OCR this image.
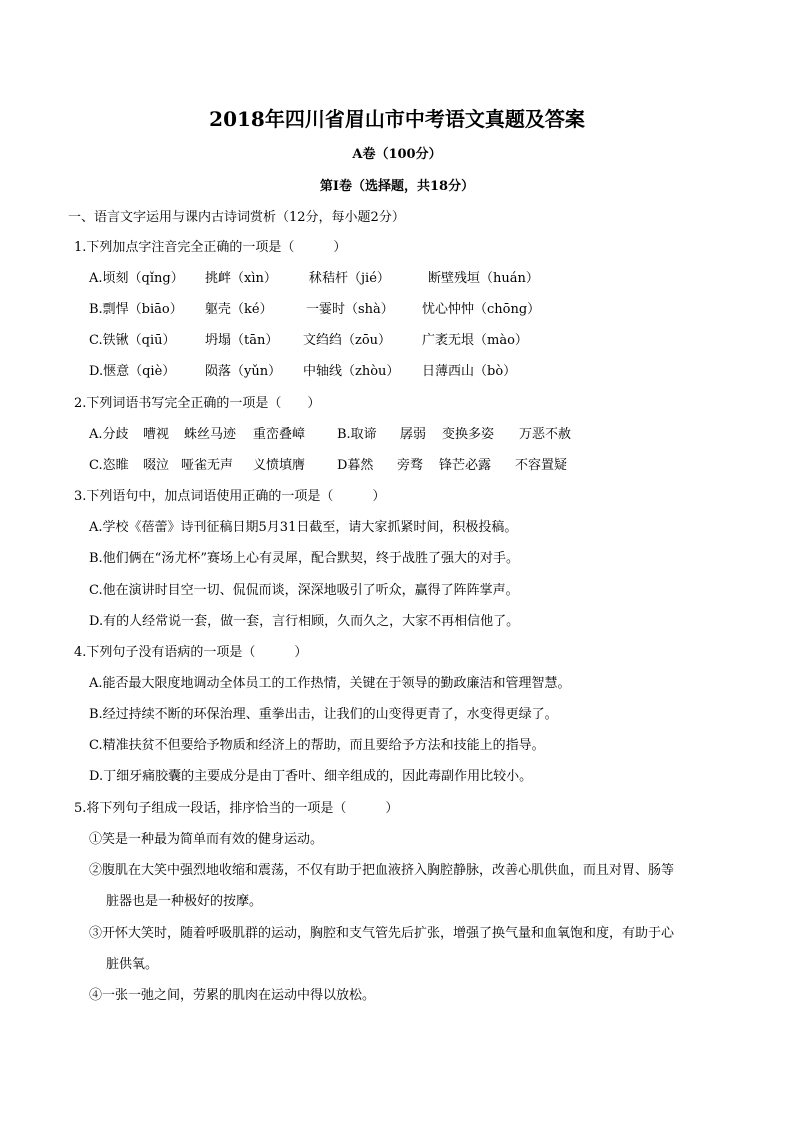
2018年四川省眉山市中考语文真题及答案
A卷（100分）
第Ⅰ卷（选择题，共18分）
一、语言文字运用与课内古诗词赏析（12分，每小题2分）
1.下列加点字注音完全正确的一项是（　　　）
A.顷刻（qǐng） 挑衅（xìn） 秫秸杆（jié）	断壁残垣（huán）
B.剽悍（biāo） 躯壳（ké）	一霎时（shà） 忧心忡忡（chōng）
C.铁锹（qiū） 坍塌（tān） 文绉绉（zōu） 广袤无垠（mào）
D.惬意（qiè） 陨落（yǔn） 中轴线（zhòu） 日薄西山（bò）
2.下列词语书写完全正确的一项是（　　）
A.分歧 嘈视 蛛丝马迹 重峦叠嶂 B.取谛 孱弱 变换多姿 万恶不赦
C.恣睢 啜泣 哑雀无声 义愤填膺 D暮然 旁骛 锋芒必露 不容置疑
3.下列语句中，加点词语使用正确的一项是（　　　）
A.学校《蓓蕾》诗刊征稿日期5月31日截至，请大家抓紧时间，积极投稿。
B.他们俩在“汤尤杯”赛场上心有灵犀，配合默契，终于战胜了强大的对手。
C.他在演讲时目空一切、侃侃而谈，深深地吸引了听众，赢得了阵阵掌声。
D.有的人经常说一套，做一套，言行相顾，久而久之，大家不再相信他了。
4.下列句子没有语病的一项是（　　　）
A.能否最大限度地调动全体员工的工作热情，关键在于领导的勤政廉洁和管理智慧。
B.经过持续不断的环保治理、重拳出击，让我们的山变得更青了，水变得更绿了。
C.精准扶贫不但要给予物质和经济上的帮助，而且要给予方法和技能上的指导。
D.丁细牙痛胶囊的主要成分是由丁香叶、细辛组成的，因此毒副作用比较小。
5.将下列句子组成一段话，排序恰当的一项是（　　　）
①笑是一种最为简单而有效的健身运动。
②腹肌在大笑中强烈地收缩和震荡，不仅有助于把血液挤入胸腔静脉，改善心肌供血，而且对胃、肠等
脏器也是一种极好的按摩。
③开怀大笑时，随着呼吸肌群的运动，胸腔和支气管先后扩张，增强了换气量和血氧饱和度，有助于心
脏供氧。
④一张一弛之间，劳累的肌肉在运动中得以放松。
